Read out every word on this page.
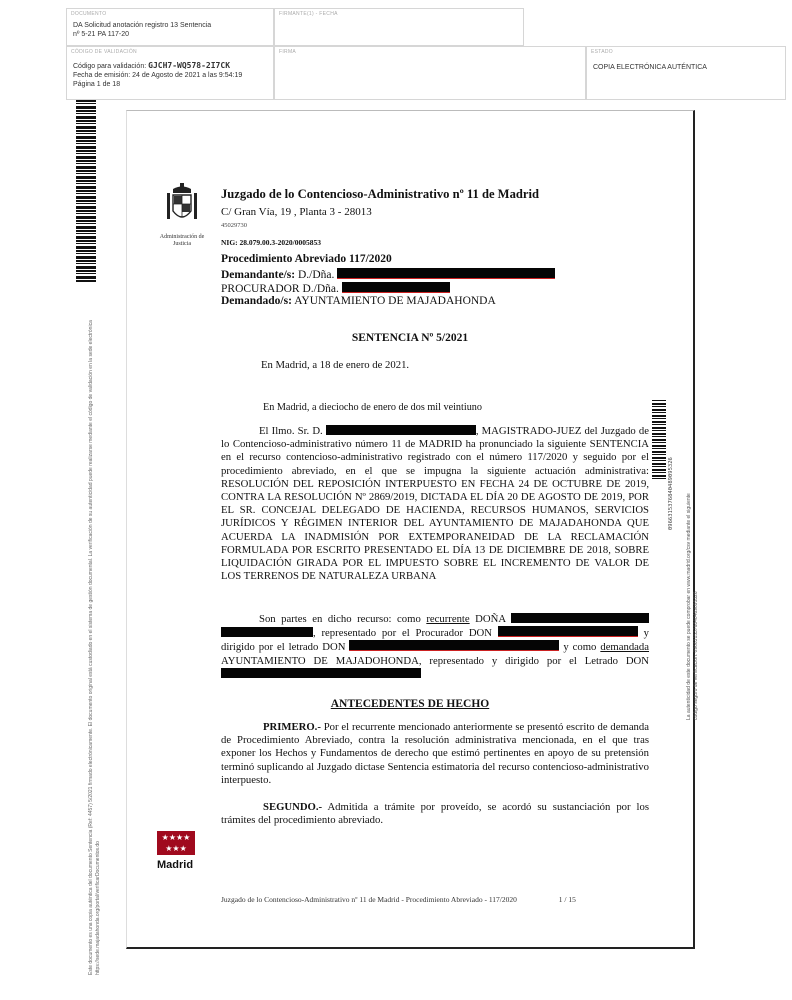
DOCUMENTO
DA Solicitud anotación registro 13 Sentencia
nº 5-21 PA 117-20
FIRMANTE(1) - FECHA
CÓDIGO DE VALIDACIÓN
Código para validación: GJCH7-WQ578-2I7CK
Fecha de emisión: 24 de Agosto de 2021 a las 9:54:19
Página 1 de 18
FIRMA	ESTADO
COPIA ELECTRÓNICA AUTÉNTICA
Este documento es una copia auténtica del documento Sentencia (Ref: 4457) 5/2021 firmado electrónicamente. El documento original está custodiado en el sistema de gestión documental. La verificación de su autenticidad puede realizarse mediante el código de validación en la sede electrónica https://sede.majadahonda.org/portal/verificarDocumentos.do
Administración de Justicia
Juzgado de lo Contencioso-Administrativo nº 11 de Madrid
C/ Gran Vía, 19 , Planta 3 - 28013
45029730
NIG: 28.079.00.3-2020/0005853
Procedimiento Abreviado 117/2020
Demandante/s: D./Dña.
PROCURADOR D./Dña.
Demandado/s: AYUNTAMIENTO DE MAJADAHONDA
SENTENCIA Nº 5/2021
En Madrid, a 18 de enero de 2021.
En Madrid, a dieciocho de enero de dos mil veintiuno
El Ilmo. Sr. D.	, MAGISTRADO-JUEZ del Juzgado de lo Contencioso-administrativo número 11 de MADRID ha pronunciado la siguiente SENTENCIA en el recurso contencioso-administrativo registrado con el número 117/2020 y seguido por el procedimiento abreviado, en el que se impugna la siguiente actuación administrativa: RESOLUCIÓN DEL REPOSICIÓN INTERPUESTO EN FECHA 24 DE OCTUBRE DE 2019, CONTRA LA RESOLUCIÓN Nº 2869/2019, DICTADA EL DÍA 20 DE AGOSTO DE 2019, POR EL SR. CONCEJAL DELEGADO DE HACIENDA, RECURSOS HUMANOS, SERVICIOS JURÍDICOS Y RÉGIMEN INTERIOR DEL AYUNTAMIENTO DE MAJADAHONDA QUE ACUERDA LA INADMISIÓN POR EXTEMPORANEIDAD DE LA RECLAMACIÓN FORMULADA POR ESCRITO PRESENTADO EL DÍA 13 DE DICIEMBRE DE 2018, SOBRE LIQUIDACIÓN GIRADA POR EL IMPUESTO SOBRE EL INCREMENTO DE VALOR DE LOS TERRENOS DE NATURALEZA URBANA
Son partes en dicho recurso: como recurrente DOÑA  , representado por el Procurador DON	y dirigido por el letrado DON	y como demandada AYUNTAMIENTO DE MAJADOHONDA, representado y dirigido por el Letrado DON
ANTECEDENTES DE HECHO
PRIMERO.- Por el recurrente mencionado anteriormente se presentó escrito de demanda de Procedimiento Abreviado, contra la resolución administrativa mencionada, en el que tras exponer los Hechos y Fundamentos de derecho que estimó pertinentes en apoyo de su pretensión terminó suplicando al Juzgado dictase Sentencia estimatoria del recurso contencioso-administrativo interpuesto.
SEGUNDO.- Admitida a trámite por proveído, se acordó su sustanciación por los trámites del procedimiento abreviado.
★★★★
★★★
Madrid
Juzgado de lo Contencioso-Administrativo nº 11 de Madrid - Procedimiento Abreviado - 117/2020	1 / 15
0966315376840489095326 La autenticidad de este documento se puede comprobar en www.madrid.org/csv mediante el siguiente código seguro de verificación: 0966315376840489095326
